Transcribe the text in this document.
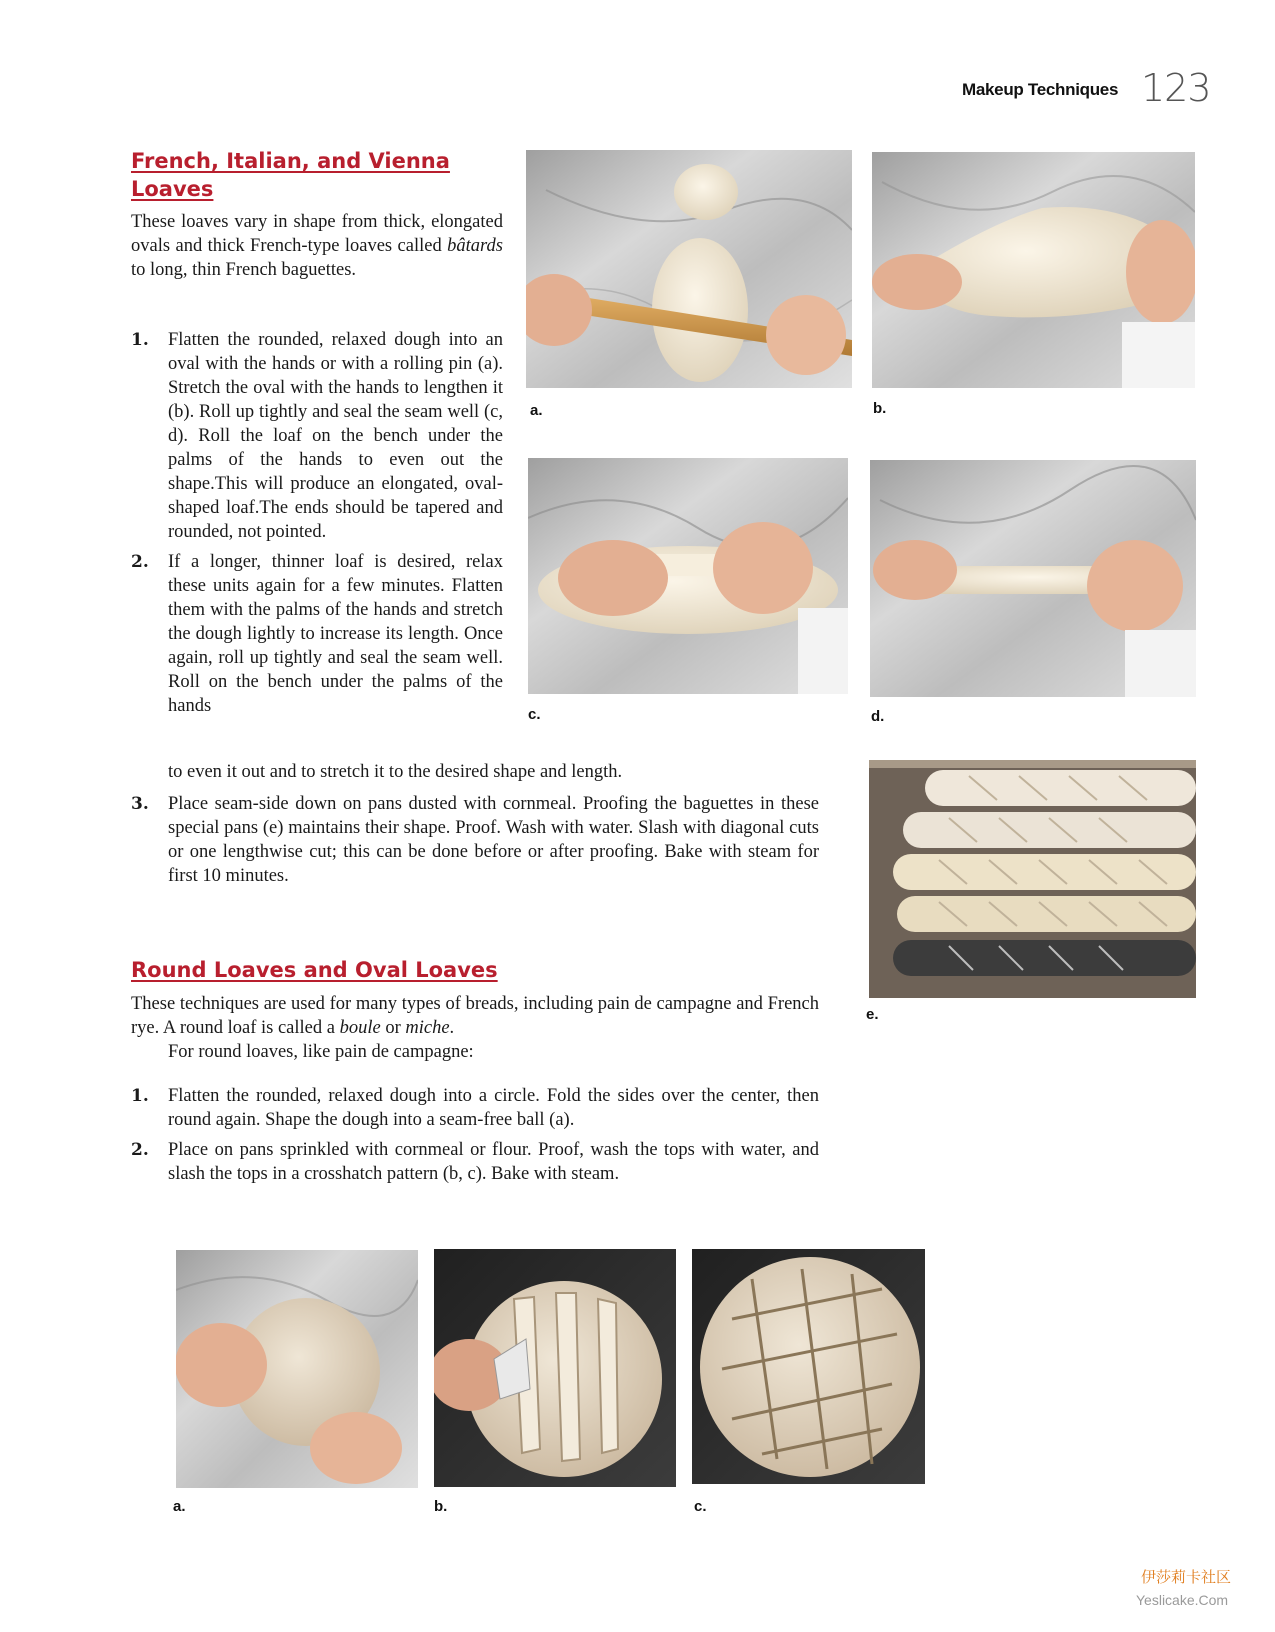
Makeup Techniques 123
French, Italian, and Vienna Loaves

These loaves vary in shape from thick, elongated ovals and thick French-type loaves called bâtards to long, thin French baguettes.

1. Flatten the rounded, relaxed dough into an oval with the hands or with a rolling pin (a). Stretch the oval with the hands to lengthen it (b). Roll up tightly and seal the seam well (c, d). Roll the loaf on the bench under the palms of the hands to even out the shape.This will produce an elongated, oval-shaped loaf.The ends should be tapered and rounded, not pointed.
2. If a longer, thinner loaf is desired, relax these units again for a few minutes. Flatten them with the palms of the hands and stretch the dough lightly to increase its length. Once again, roll up tightly and seal the seam well. Roll on the bench under the palms of the hands
to even it out and to stretch it to the desired shape and length.
3. Place seam-side down on pans dusted with cornmeal. Proofing the baguettes in these special pans (e) maintains their shape. Proof. Wash with water. Slash with diagonal cuts or one lengthwise cut; this can be done before or after proofing. Bake with steam for first 10 minutes.
a.	b.
c.	d.
e.
Round Loaves and Oval Loaves

These techniques are used for many types of breads, including pain de campagne and French rye. A round loaf is called a boule or miche.

For round loaves, like pain de campagne:

1. Flatten the rounded, relaxed dough into a circle. Fold the sides over the center, then round again. Shape the dough into a seam-free ball (a).
2. Place on pans sprinkled with cornmeal or flour. Proof, wash the tops with water, and slash the tops in a crosshatch pattern (b, c). Bake with steam.
a.	b.	c.
伊莎莉卡社区
Yeslicake.Com
